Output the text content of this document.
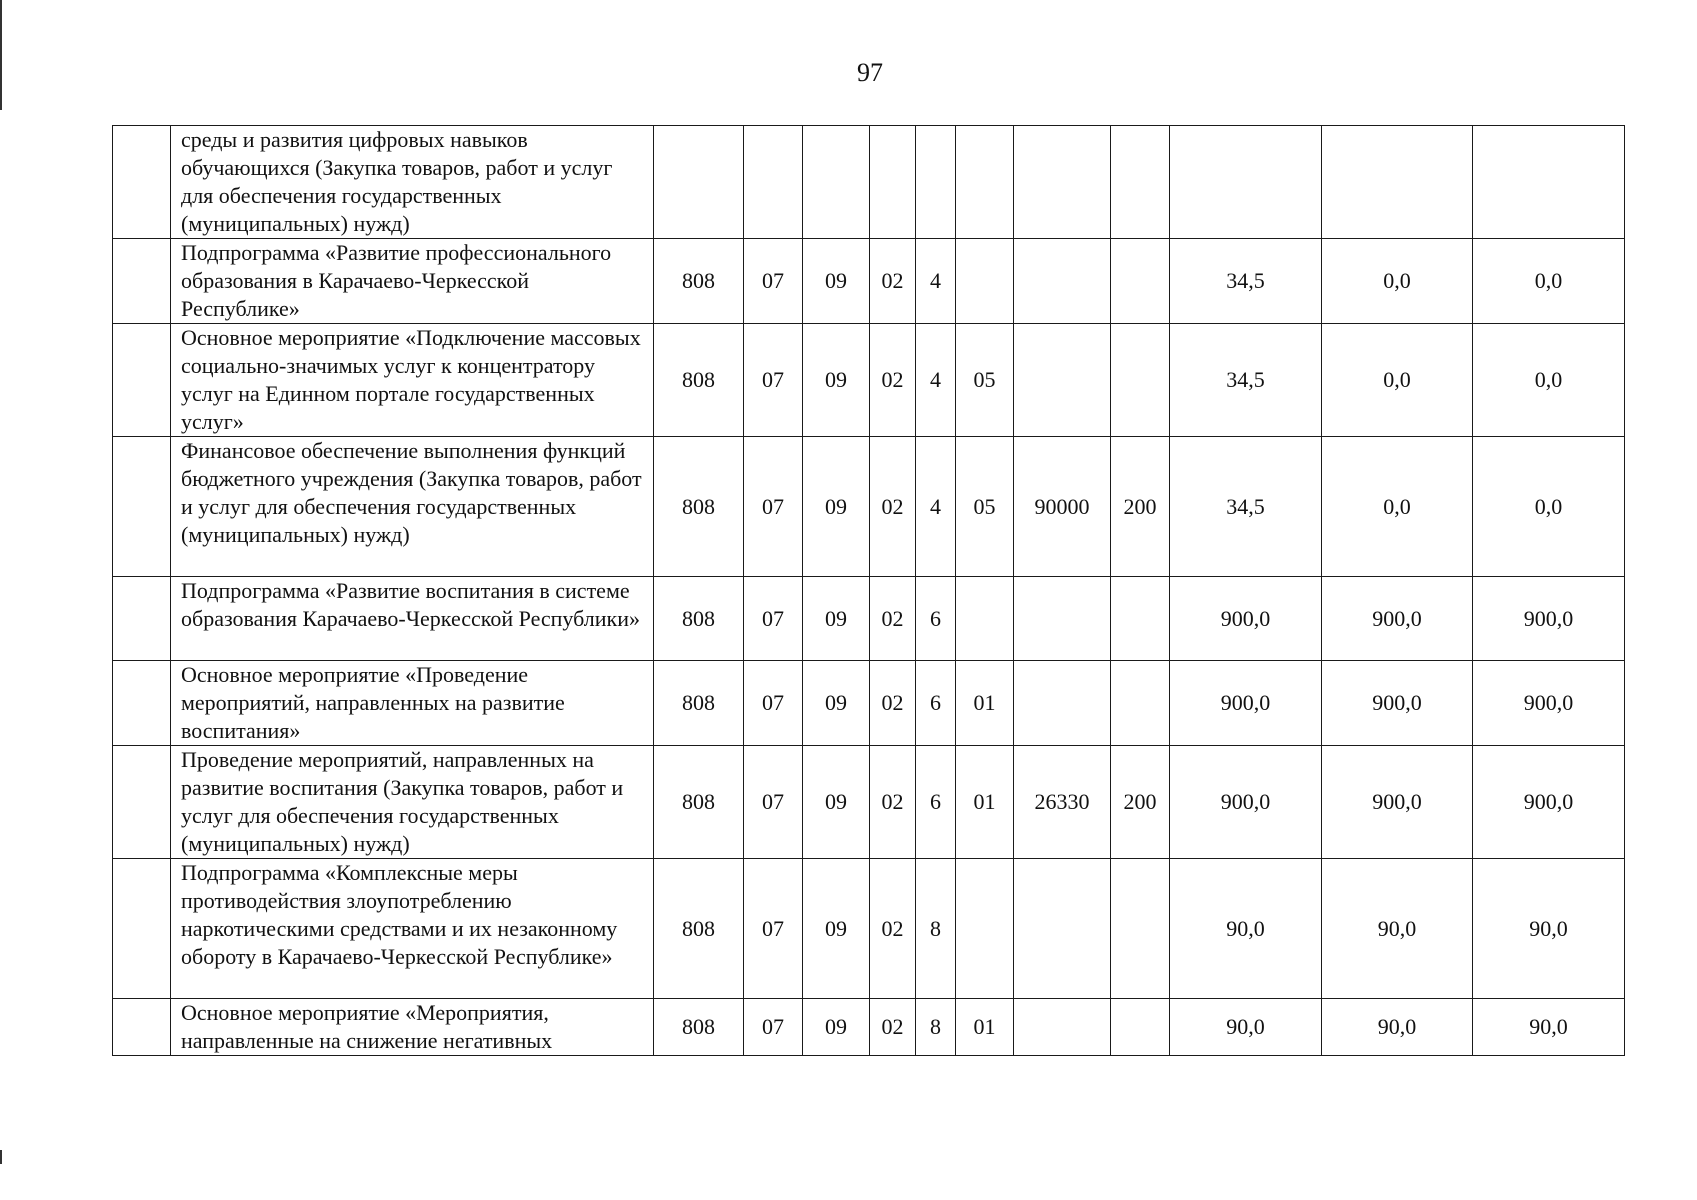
97
	среды и развития цифровых навыков обучающихся (Закупка товаров, работ и услуг для обеспечения государственных (муниципальных) нужд)											
	Подпрограмма «Развитие профессионального образования в Карачаево-Черкесской Республике»	808	07	09	02	4				34,5	0,0	0,0
	Основное мероприятие «Подключение массовых социально-значимых услуг к концентратору услуг на Единном портале государственных услуг»	808	07	09	02	4	05			34,5	0,0	0,0
	Финансовое обеспечение выполнения функций бюджетного учреждения (Закупка товаров, работ и услуг для обеспечения государственных (муниципальных) нужд)	808	07	09	02	4	05	90000	200	34,5	0,0	0,0
	Подпрограмма «Развитие воспитания в системе образования Карачаево-Черкесской Республики»	808	07	09	02	6				900,0	900,0	900,0
	Основное мероприятие «Проведение мероприятий, направленных на развитие воспитания»	808	07	09	02	6	01			900,0	900,0	900,0
	Проведение мероприятий, направленных на развитие воспитания (Закупка товаров, работ и услуг для обеспечения государственных (муниципальных) нужд)	808	07	09	02	6	01	26330	200	900,0	900,0	900,0
	Подпрограмма «Комплексные меры противодействия злоупотреблению наркотическими средствами и их незаконному обороту в Карачаево-Черкесской Республике»	808	07	09	02	8				90,0	90,0	90,0
	Основное мероприятие «Мероприятия, направленные на снижение негативных	808	07	09	02	8	01			90,0	90,0	90,0
